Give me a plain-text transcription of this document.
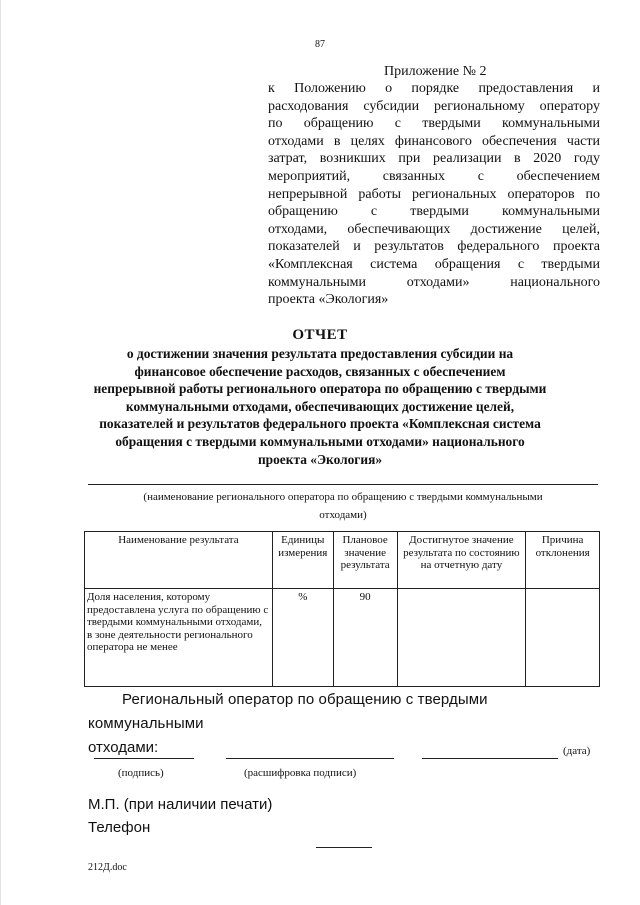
87
Приложение № 2
к Положению о порядке предоставления и
расходования субсидии региональному оператору
по обращению с твердыми коммунальными
отходами в целях финансового обеспечения части
затрат, возникших при реализации в 2020 году
мероприятий, связанных с обеспечением
непрерывной работы региональных операторов по
обращению с твердыми коммунальными
отходами, обеспечивающих достижение целей,
показателей и результатов федерального проекта
«Комплексная система обращения с твердыми
коммунальными отходами» национального
проекта «Экология»
ОТЧЕТ
о достижении значения результата предоставления субсидии на
финансовое обеспечение расходов, связанных с обеспечением
непрерывной работы регионального оператора по обращению с твердыми
коммунальными отходами, обеспечивающих достижение целей,
показателей и результатов федерального проекта «Комплексная система
обращения с твердыми коммунальными отходами» национального
проекта «Экология»
(наименование регионального оператора по обращению с твердыми коммунальными
отходами)
Наименование результата	Единицы измерения	Плановое значение результата	Достигнутое значение результата по состоянию на отчетную дату	Причина отклонения
Доля населения, которому предоставлена услуга по обращению с твердыми коммунальными отходами, в зоне деятельности регионального оператора не менее	%	90		
Региональный оператор по обращению с твердыми коммунальными
отходами:	(дата)
(подпись)	(расшифровка подписи)
М.П. (при наличии печати)
Телефон
212Д.doc
